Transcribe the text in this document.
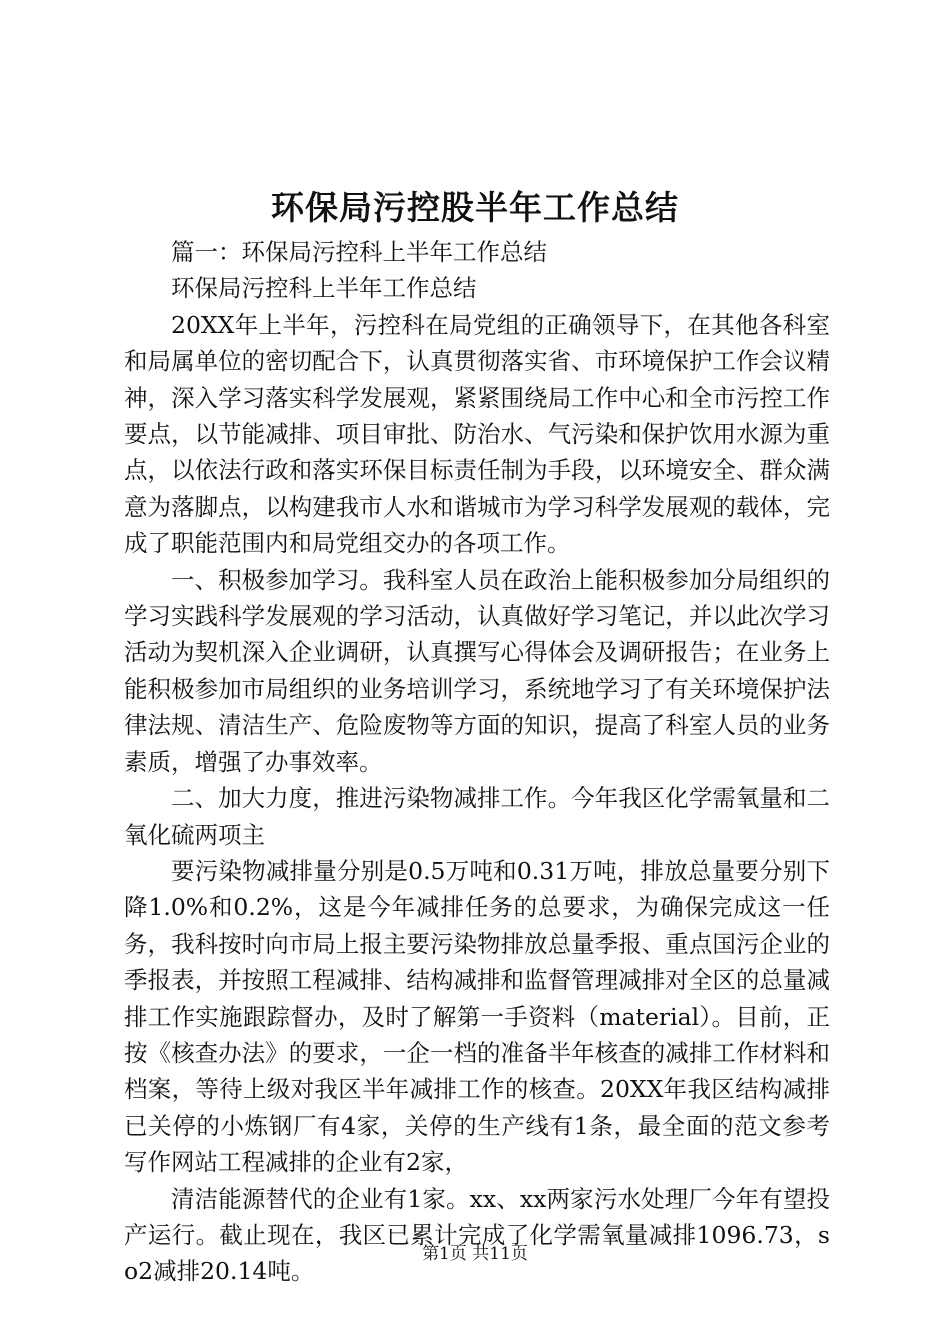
环保局污控股半年工作总结

篇一：环保局污控科上半年工作总结

环保局污控科上半年工作总结

20XX年上半年，污控科在局党组的正确领导下，在其他各科室和局属单位的密切配合下，认真贯彻落实省、市环境保护工作会议精神，深入学习落实科学发展观，紧紧围绕局工作中心和全市污控工作要点，以节能减排、项目审批、防治水、气污染和保护饮用水源为重点，以依法行政和落实环保目标责任制为手段，以环境安全、群众满意为落脚点，以构建我市人水和谐城市为学习科学发展观的载体，完成了职能范围内和局党组交办的各项工作。

一、积极参加学习。我科室人员在政治上能积极参加分局组织的学习实践科学发展观的学习活动，认真做好学习笔记，并以此次学习活动为契机深入企业调研，认真撰写心得体会及调研报告；在业务上能积极参加市局组织的业务培训学习，系统地学习了有关环境保护法律法规、清洁生产、危险废物等方面的知识，提高了科室人员的业务素质，增强了办事效率。

二、加大力度，推进污染物减排工作。今年我区化学需氧量和二氧化硫两项主

要污染物减排量分别是0.5万吨和0.31万吨，排放总量要分别下降1.0%和0.2%，这是今年减排任务的总要求，为确保完成这一任务，我科按时向市局上报主要污染物排放总量季报、重点国污企业的季报表，并按照工程减排、结构减排和监督管理减排对全区的总量减排工作实施跟踪督办，及时了解第一手资料（material）。目前，正按《核查办法》的要求，一企一档的准备半年核查的减排工作材料和档案，等待上级对我区半年减排工作的核查。20XX年我区结构减排已关停的小炼钢厂有4家，关停的生产线有1条，最全面的范文参考写作网站工程减排的企业有2家，

清洁能源替代的企业有1家。xx、xx两家污水处理厂今年有望投产运行。截止现在，我区已累计完成了化学需氧量减排1096.73，so2减排20.14吨。

第1页 共11页
